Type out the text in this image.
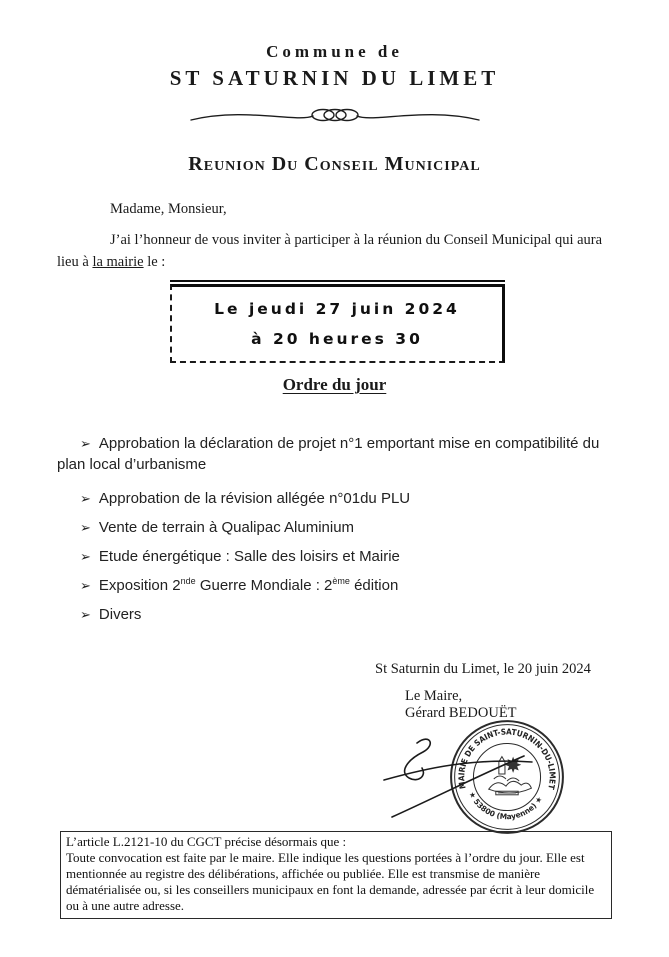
Commune de
ST SATURNIN DU LIMET
Reunion Du Conseil Municipal
Madame, Monsieur,
J’ai l’honneur de vous inviter à participer à la réunion du Conseil Municipal qui aura lieu à la mairie le :
Le jeudi 27 juin 2024
à 20 heures 30
Ordre du jour
➢ Approbation la déclaration de projet n°1 emportant mise en compatibilité du plan local d’urbanisme
➢ Approbation de la révision allégée n°01du PLU
➢ Vente de terrain à Qualipac Aluminium
➢ Etude énergétique : Salle des loisirs et Mairie
➢ Exposition 2nde Guerre Mondiale : 2ème édition
➢ Divers
St Saturnin du Limet, le 20 juin 2024
Le Maire,
Gérard BEDOUËT
MAIRIE DE SAINT-SATURNIN-DU-LIMET
★ 53800 (Mayenne) ★
L’article L.2121-10 du CGCT précise désormais que :
Toute convocation est faite par le maire. Elle indique les questions portées à l’ordre du jour. Elle est mentionnée au registre des délibérations, affichée ou publiée. Elle est transmise de manière dématérialisée ou, si les conseillers municipaux en font la demande, adressée par écrit à leur domicile ou à une autre adresse.
